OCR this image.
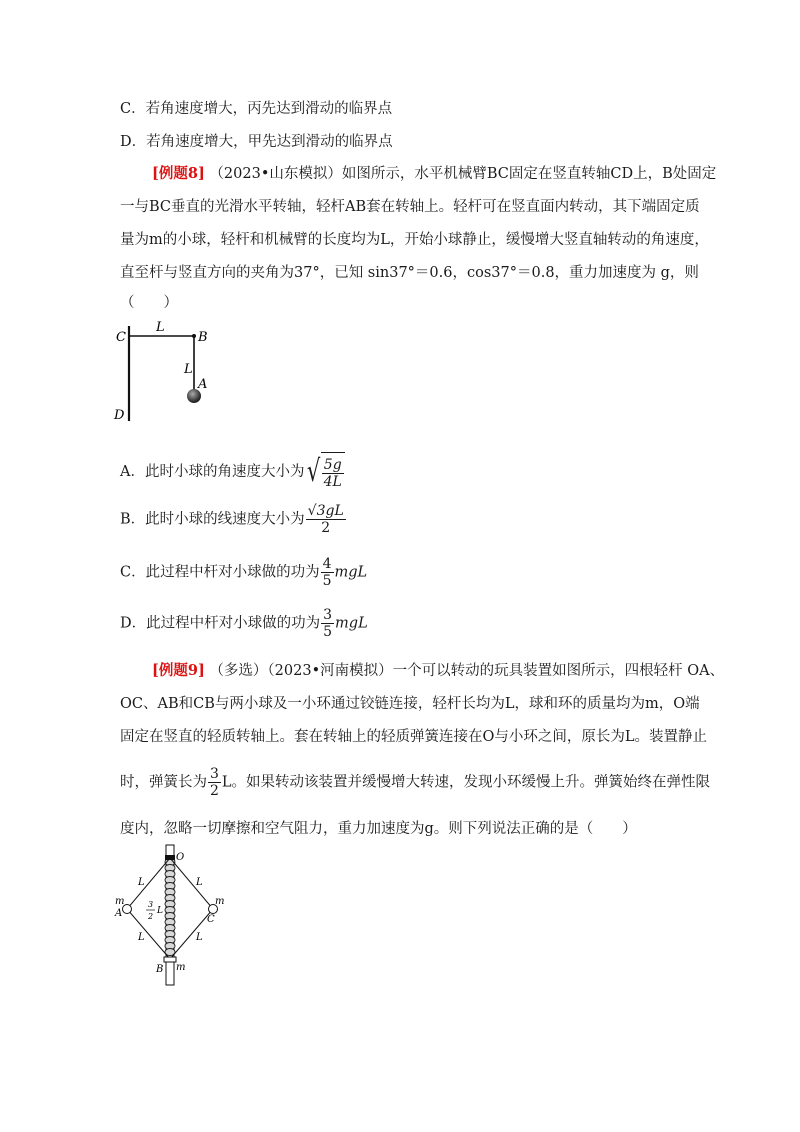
C．若角速度增大，丙先达到滑动的临界点
D．若角速度增大，甲先达到滑动的临界点
[例题8] （2023•山东模拟）如图所示，水平机械臂BC固定在竖直转轴CD上，B处固定
一与BC垂直的光滑水平转轴，轻杆AB套在转轴上。轻杆可在竖直面内转动，其下端固定质
量为m的小球，轻杆和机械臂的长度均为L，开始小球静止，缓慢增大竖直轴转动的角速度，
直至杆与竖直方向的夹角为37°，已知 sin37°＝0.6，cos37°＝0.8，重力加速度为 g，则
（　　）
C
L
B
L
A
D
A．此时小球的角速度大小为 √ $\frac{5g}{4L}$
B．此时小球的线速度大小为 $\frac{√3gL}{2}$
C．此过程中杆对小球做的功为 $\frac{4}{5}$ mgL
D．此过程中杆对小球做的功为 $\frac{3}{5}$ mgL
[例题9] （多选）（2023•河南模拟）一个可以转动的玩具装置如图所示，四根轻杆 OA、
OC、AB和CB与两小球及一小环通过铰链连接，轻杆长均为L，球和环的质量均为m，O端
固定在竖直的轻质转轴上。套在转轴上的轻质弹簧连接在O与小环之间，原长为L。装置静止
时，弹簧长为 $\frac{3}{2}$ L。如果转动该装置并缓慢增大转速，发现小环缓慢上升。弹簧始终在弹性限
度内，忽略一切摩擦和空气阻力，重力加速度为g。则下列说法正确的是（　　）
O
m
A
m
C
B m
L	L
L	L
3
2
L
